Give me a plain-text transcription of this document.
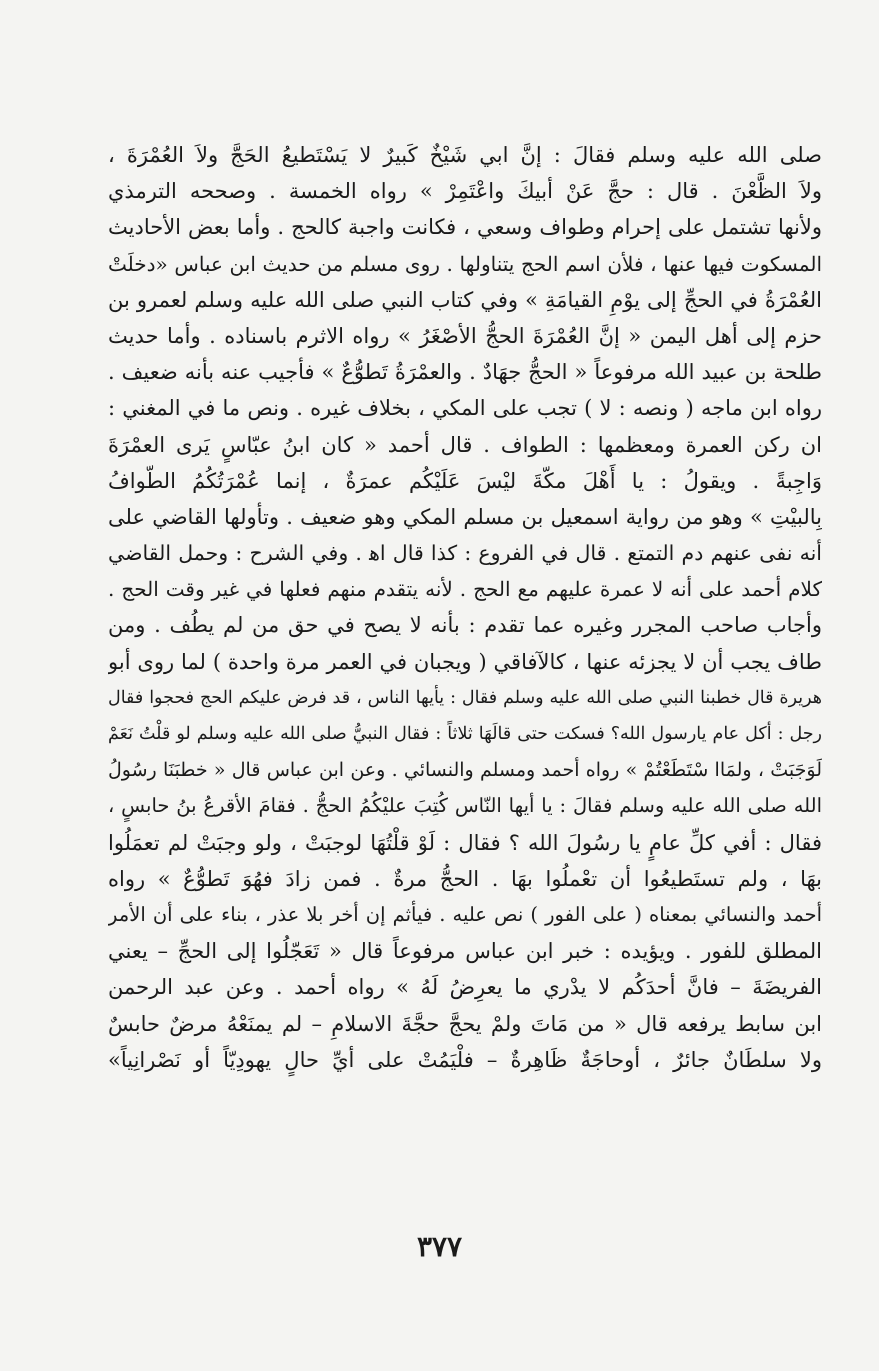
صلى الله عليه وسلم فقالَ : إنَّ ابي شَيْخٌ كَبيرٌ لا يَسْتَطيعُ الحَجَّ ولاَ العُمْرَةَ ،
ولاَ الظَّعْنَ . قال : حجَّ عَنْ أبيكَ واعْتَمِرْ » رواه الخمسة . وصححه الترمذي
ولأنها تشتمل على إحرام وطواف وسعي ، فكانت واجبة كالحج . وأما بعض الأحاديث
المسكوت فيها عنها ، فلأن اسم الحج يتناولها . روى مسلم من حديث ابن عباس «دخلَتْ
العُمْرَةُ في الحجِّ إلى يوْمِ القيامَةِ » وفي كتاب النبي صلى الله عليه وسلم لعمرو بن
حزم إلى أهل اليمن « إنَّ العُمْرَةَ الحجُّ الأصْغَرُ » رواه الاثرم باسناده . وأما حديث
طلحة بن عبيد الله مرفوعاً « الحجُّ جهَادٌ . والعمْرَةُ تَطوُّعٌ » فأجيب عنه بأنه ضعيف .
رواه ابن ماجه ( ونصه : لا ) تجب على المكي ، بخلاف غيره . ونص ما في المغني :
ان ركن العمرة ومعظمها : الطواف . قال أحمد « كان ابنُ عبّاسٍ يَرى العمْرَةَ
وَاجِبةً . ويقولُ : يا أَهْلَ مكّةَ ليْسَ عَلَيْكُم عمرَةٌ ، إنما عُمْرَتُكُمُ الطّوافُ
بِالبيْتِ » وهو من رواية اسمعيل بن مسلم المكي وهو ضعيف . وتأولها القاضي على
أنه نفى عنهم دم التمتع . قال في الفروع : كذا قال اﻫ . وفي الشرح : وحمل القاضي
كلام أحمد على أنه لا عمرة عليهم مع الحج . لأنه يتقدم منهم فعلها في غير وقت الحج .
وأجاب صاحب المجرر وغيره عما تقدم : بأنه لا يصح في حق من لم يطُف . ومن
طاف يجب أن لا يجزئه عنها ، كالآفاقي ( ويجبان في العمر مرة واحدة ) لما روى أبو
هريرة قال خطبنا النبي صلى الله عليه وسلم فقال : يأيها الناس ، قد فرض عليكم الحج فحجوا فقال
رجل : أكل عام يارسول الله؟ فسكت حتى قالَهَا ثلاثاً : فقال النبيُّ صلى الله عليه وسلم لو قلْتُ نَعَمْ
لَوَجَبَتْ ، ولمَاا سْتَطَعْتُمْ » رواه أحمد ومسلم والنسائي . وعن ابن عباس قال « خطبَنَا رسُولُ
الله صلى الله عليه وسلم فقالَ : يا أيها النّاس كُتِبَ عليْكُمُ الحجُّ . فقامَ الأقرعُ بنُ حابسٍ ،
فقال : أفي كلِّ عامٍ يا رسُولَ الله ؟ فقال : لَوْ قلْتُهَا لوجبَتْ ، ولو وجبَتْ لم تعمَلُوا
بهَا ، ولم تستَطيعُوا أن تعْملُوا بهَا . الحجُّ مرةٌ . فمن زادَ فهُوَ تَطوُّعٌ » رواه
أحمد والنسائي بمعناه ( على الفور ) نص عليه . فيأثم إن أخر بلا عذر ، بناء على أن الأمر
المطلق للفور . ويؤيده : خبر ابن عباس مرفوعاً قال « تَعَجّلُوا إلى الحجِّ – يعني
الفريضَةَ – فانَّ أحدَكُم لا يدْري ما يعرِضُ لَهُ » رواه أحمد . وعن عبد الرحمن
ابن سابط يرفعه قال « من مَاتَ ولمْ يحجَّ حجَّةَ الاسلامِ – لم يمنَعْهُ مرضٌ حابسٌ
ولا سلطَانٌ جائرٌ ، أوحاجَةٌ ظَاهِرةٌ – فلْيَمُتْ على أيِّ حالٍ يهودِيّاً أو نَصْرانِياً»
٣٧٧
